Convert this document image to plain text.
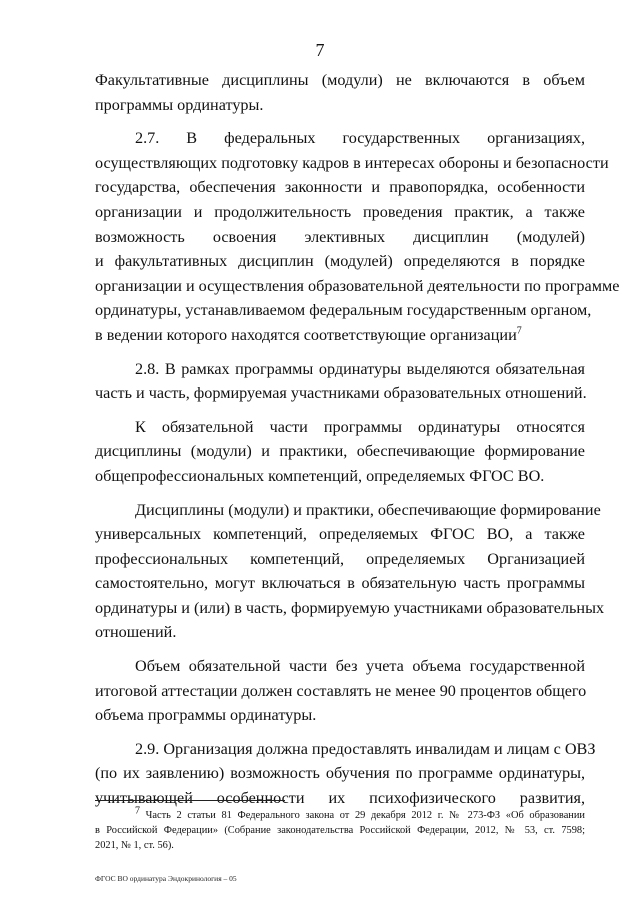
7
Факультативные дисциплины (модули) не включаются в объем
программы ординатуры.
2.7. В федеральных государственных организациях,
осуществляющих подготовку кадров в интересах обороны и безопасности
государства, обеспечения законности и правопорядка, особенности
организации и продолжительность проведения практик, а также
возможность освоения элективных дисциплин (модулей)
и факультативных дисциплин (модулей) определяются в порядке
организации и осуществления образовательной деятельности по программе
ординатуры, устанавливаемом федеральным государственным органом,
в ведении которого находятся соответствующие организации$^7$
2.8. В рамках программы ординатуры выделяются обязательная
часть и часть, формируемая участниками образовательных отношений.
К обязательной части программы ординатуры относятся
дисциплины (модули) и практики, обеспечивающие формирование
общепрофессиональных компетенций, определяемых ФГОС ВО.
Дисциплины (модули) и практики, обеспечивающие формирование
универсальных компетенций, определяемых ФГОС ВО, а также
профессиональных компетенций, определяемых Организацией
самостоятельно, могут включаться в обязательную часть программы
ординатуры и (или) в часть, формируемую участниками образовательных
отношений.
Объем обязательной части без учета объема государственной
итоговой аттестации должен составлять не менее 90 процентов общего
объема программы ординатуры.
2.9. Организация должна предоставлять инвалидам и лицам с ОВЗ
(по их заявлению) возможность обучения по программе ординатуры,
учитывающей особенности их психофизического развития,
$^7$ Часть 2 статьи 81 Федерального закона от 29 декабря 2012 г. № 273-ФЗ «Об образовании
в Российской Федерации» (Собрание законодательства Российской Федерации, 2012, № 53, ст. 7598;
2021, № 1, ст. 56).
ФГОС ВО ординатура Эндокринология – 05
